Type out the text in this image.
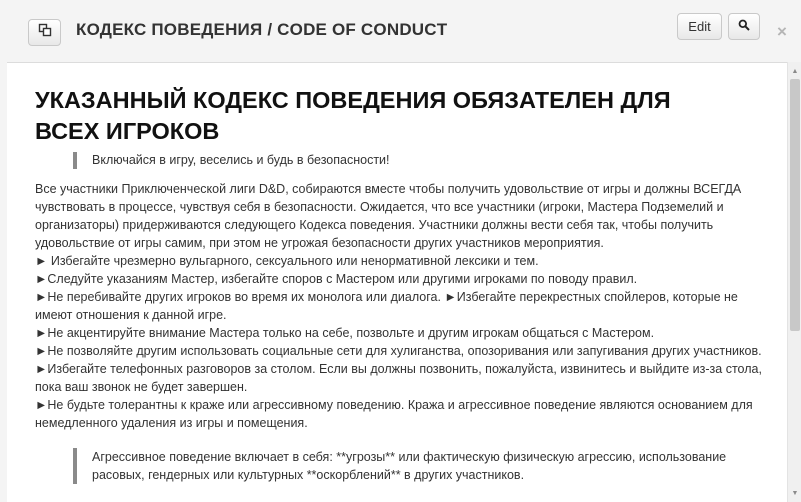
КОДЕКС ПОВЕДЕНИЯ / CODE OF CONDUCT	Edit	×
УКАЗАННЫЙ КОДЕКС ПОВЕДЕНИЯ ОБЯЗАТЕЛЕН ДЛЯ ВСЕХ ИГРОКОВ
Включайся в игру, веселись и будь в безопасности!

Все участники Приключенческой лиги D&D, собираются вместе чтобы получить удовольствие от игры и должны ВСЕГДА чувствовать в процессе, чувствуя себя в безопасности. Ожидается, что все участники (игроки, Мастера Подземелий и организаторы) придерживаются следующего Кодекса поведения. Участники должны вести себя так, чтобы получить удовольствие от игры самим, при этом не угрожая безопасности других участников мероприятия.

► Избегайте чрезмерно вульгарного, сексуального или ненормативной лексики и тем.

►Следуйте указаниям Мастер, избегайте споров с Мастером или другими игроками по поводу правил.

►Не перебивайте других игроков во время их монолога или диалога. ►Избегайте перекрестных спойлеров, которые не имеют отношения к данной игре.

►Не акцентируйте внимание Мастера только на себе, позвольте и другим игрокам общаться с Мастером.

►Не позволяйте другим использовать социальные сети для хулиганства, опозоривания или запугивания других участников.

►Избегайте телефонных разговоров за столом. Если вы должны позвонить, пожалуйста, извинитесь и выйдите из-за стола, пока ваш звонок не будет завершен.

►Не будьте толерантны к краже или агрессивному поведению. Кража и агрессивное поведение являются основанием для немедленного удаления из игры и помещения.

Агрессивное поведение включает в себя: **угрозы** или фактическую физическую агрессию, использование расовых, гендерных или культурных **оскорблений** в других участников.
▲
▼
